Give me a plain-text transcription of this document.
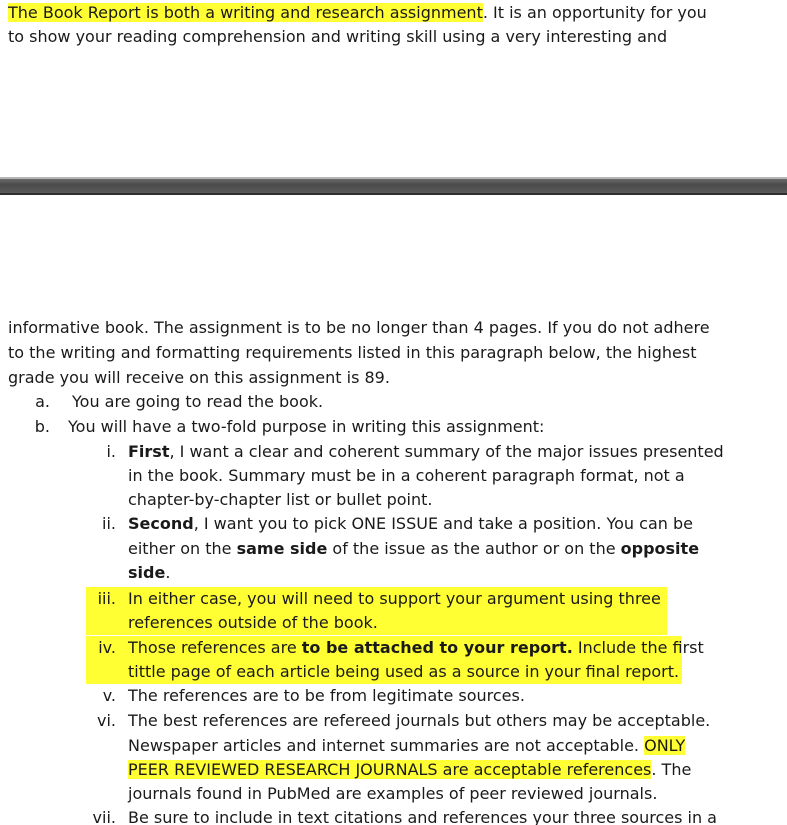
The Book Report is both a writing and research assignment. It is an opportunity for you
to show your reading comprehension and writing skill using a very interesting and
informative book. The assignment is to be no longer than 4 pages. If you do not adhere
to the writing and formatting requirements listed in this paragraph below, the highest
grade you will receive on this assignment is 89.
a. You are going to read the book.
b. You will have a two-fold purpose in writing this assignment:
i. First, I want a clear and coherent summary of the major issues presented
in the book. Summary must be in a coherent paragraph format, not a
chapter-by-chapter list or bullet point.
ii. Second, I want you to pick ONE ISSUE and take a position. You can be
either on the same side of the issue as the author or on the opposite
side.
iii. In either case, you will need to support your argument using three
references outside of the book.
iv. Those references are to be attached to your report. Include the first
tittle page of each article being used as a source in your final report.
v. The references are to be from legitimate sources.
vi. The best references are refereed journals but others may be acceptable.
Newspaper articles and internet summaries are not acceptable. ONLY
PEER REVIEWED RESEARCH JOURNALS are acceptable references. The
journals found in PubMed are examples of peer reviewed journals.
vii. Be sure to include in text citations and references your three sources in a
